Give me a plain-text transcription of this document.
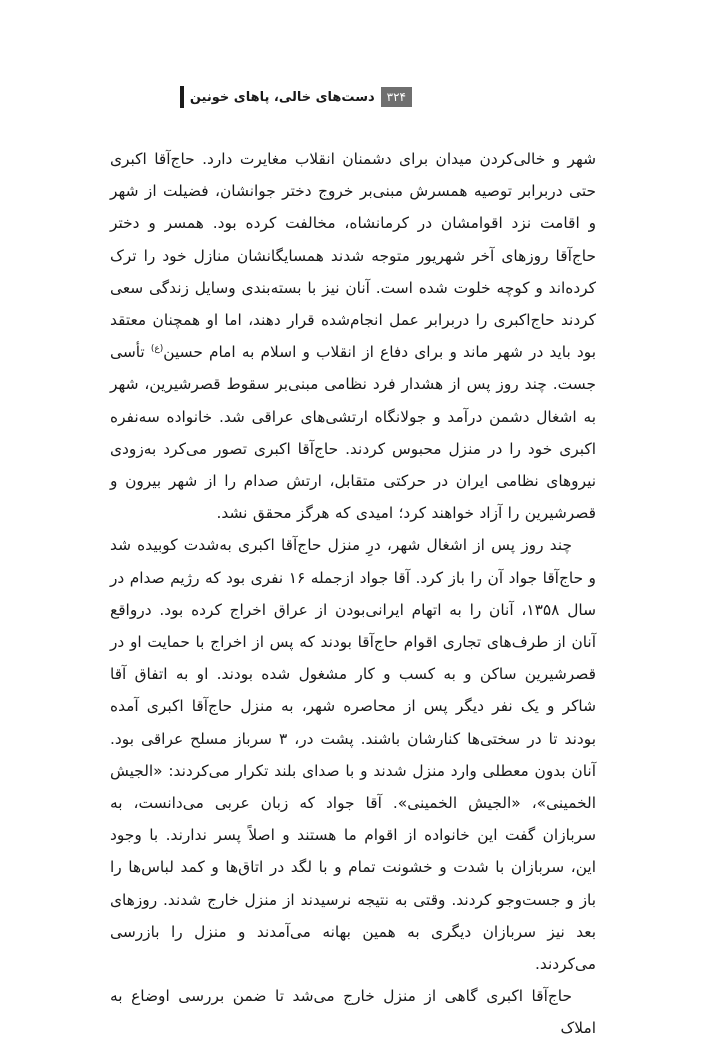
۳۲۴
دست‌های خالی، پاهای خونین

شهر و خالی‌کردن میدان برای دشمنان انقلاب مغایرت دارد. حاج‌آقا اکبری حتی دربرابر توصیه همسرش مبنی‌بر خروج دختر جوانشان، فضیلت از شهر و اقامت نزد اقوامشان در کرمانشاه، مخالفت کرده بود. همسر و دختر حاج‌آقا روزهای آخر شهریور متوجه شدند همسایگانشان منازل خود را ترک کرده‌اند و کوچه خلوت شده است. آنان نیز با بسته‌بندی وسایل زندگی سعی کردند حاج‌اکبری را دربرابر عمل انجام‌شده قرار دهند، اما او همچنان معتقد بود باید در شهر ماند و برای دفاع از انقلاب و اسلام به امام حسین$^{(ع)}$ تأسی جست. چند روز پس از هشدار فرد نظامی مبنی‌بر سقوط قصرشیرین، شهر به اشغال دشمن درآمد و جولانگاه ارتشی‌های عراقی شد. خانواده سه‌نفره اکبری خود را در منزل محبوس کردند. حاج‌آقا اکبری تصور می‌کرد به‌زودی نیروهای نظامی ایران در حرکتی متقابل، ارتش صدام را از شهر بیرون و قصرشیرین را آزاد خواهند کرد؛ امیدی که هرگز محقق نشد.

چند روز پس از اشغال شهر، درِ منزل حاج‌آقا اکبری به‌شدت کوبیده شد و حاج‌آقا جواد آن را باز کرد. آقا جواد ازجمله ۱۶ نفری بود که رژیم صدام در سال ۱۳۵۸، آنان را به اتهام ایرانی‌بودن از عراق اخراج کرده بود. درواقع آنان از طرف‌های تجاری اقوام حاج‌آقا بودند که پس از اخراج با حمایت او در قصرشیرین ساکن و به کسب و کار مشغول شده بودند. او به اتفاق آقا شاکر و یک نفر دیگر پس از محاصره شهر، به منزل حاج‌آقا اکبری آمده بودند تا در سختی‌ها کنارشان باشند. پشت در، ۳ سرباز مسلح عراقی بود. آنان بدون معطلی وارد منزل شدند و با صدای بلند تکرار می‌کردند: «الجیش الخمینی»، «الجیش الخمینی». آقا جواد که زبان عربی می‌دانست، به سربازان گفت این خانواده از اقوام ما هستند و اصلاً پسر ندارند. با وجود این، سربازان با شدت و خشونت تمام و با لگد در اتاق‌ها و کمد لباس‌ها را باز و جست‌وجو کردند. وقتی به نتیجه نرسیدند از منزل خارج شدند. روزهای بعد نیز سربازان دیگری به همین بهانه می‌آمدند و منزل را بازرسی می‌کردند.

حاج‌آقا اکبری گاهی از منزل خارج می‌شد تا ضمن بررسی اوضاع به املاک
